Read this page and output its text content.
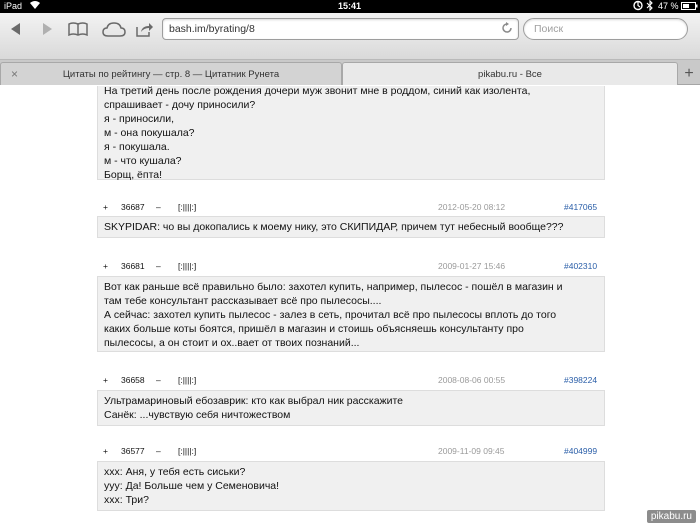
iPad	15:41	47 %
bash.im/byrating/8	Поиск
×	Цитаты по рейтингу — стр. 8 — Цитатник Рунета	pikabu.ru - Все	+
На третий день после рождения дочери муж звонит мне в роддом, синий как изолента,
спрашивает - дочу приносили?
я - приносили,
м - она покушала?
я - покушала.
м - что кушала?
Борщ, ёпта!
+ 36687 – [:||||:]	2012-05-20 08:12	#417065
SKYPIDAR: чо вы докопались к моему нику, это СКИПИДАР, причем тут небесный вообще???
+ 36681 – [:||||:]	2009-01-27 15:46	#402310
Вот как раньше всё правильно было: захотел купить, например, пылесос - пошёл в магазин и
там тебе консультант рассказывает всё про пылесосы....
А сейчас: захотел купить пылесос - залез в сеть, прочитал всё про пылесосы вплоть до того
каких больше коты боятся, пришёл в магазин и стоишь объясняешь консультанту про
пылесосы, а он стоит и ох..вает от твоих познаний...
+ 36658 – [:||||:]	2008-08-06 00:55	#398224
Ультрамариновый ебозаврик: кто как выбрал ник расскажите
Санёк: ...чувствую себя ничтожеством
+ 36577 – [:||||:]	2009-11-09 09:45	#404999
xxx: Аня, у тебя есть сиськи?
ууу: Да! Больше чем у Семеновича!
xxx: Три?
pikabu.ru
